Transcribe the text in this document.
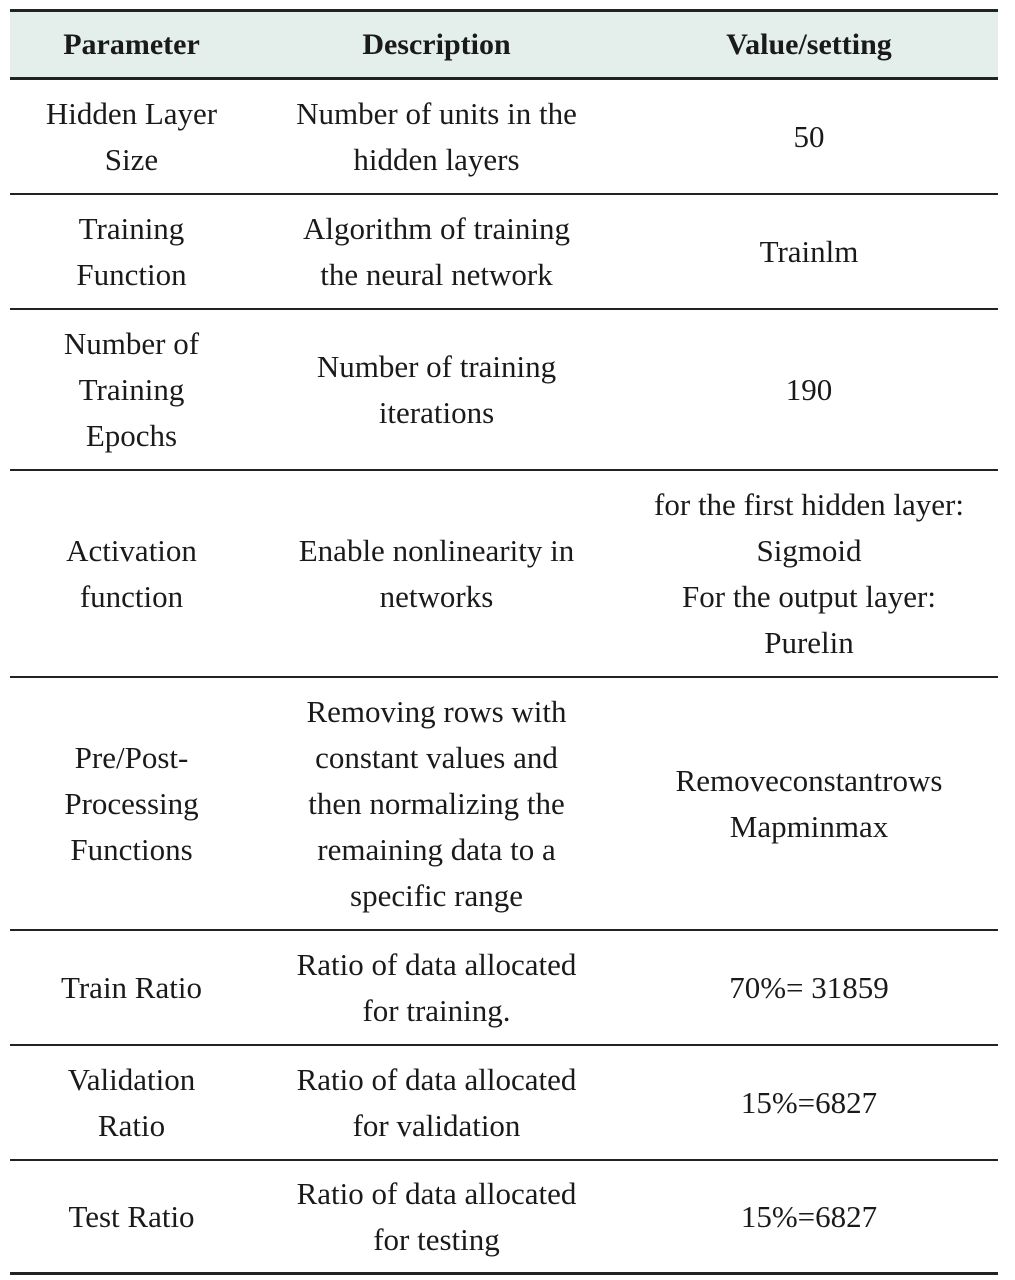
Parameter	Description	Value/setting
Hidden Layer
Size
Number of units in the
hidden layers
50
Training
Function
Algorithm of training
the neural network
Trainlm
Number of
Training
Epochs
Number of training
iterations
190
Activation
function
Enable nonlinearity in
networks
for the first hidden layer:
Sigmoid
For the output layer:
Purelin
Pre/Post-
Processing
Functions
Removing rows with
constant values and
then normalizing the
remaining data to a
specific range
Removeconstantrows
Mapminmax
Train Ratio
Ratio of data allocated
for training.
70%= 31859
Validation
Ratio
Ratio of data allocated
for validation
15%=6827
Test Ratio
Ratio of data allocated
for testing
15%=6827
